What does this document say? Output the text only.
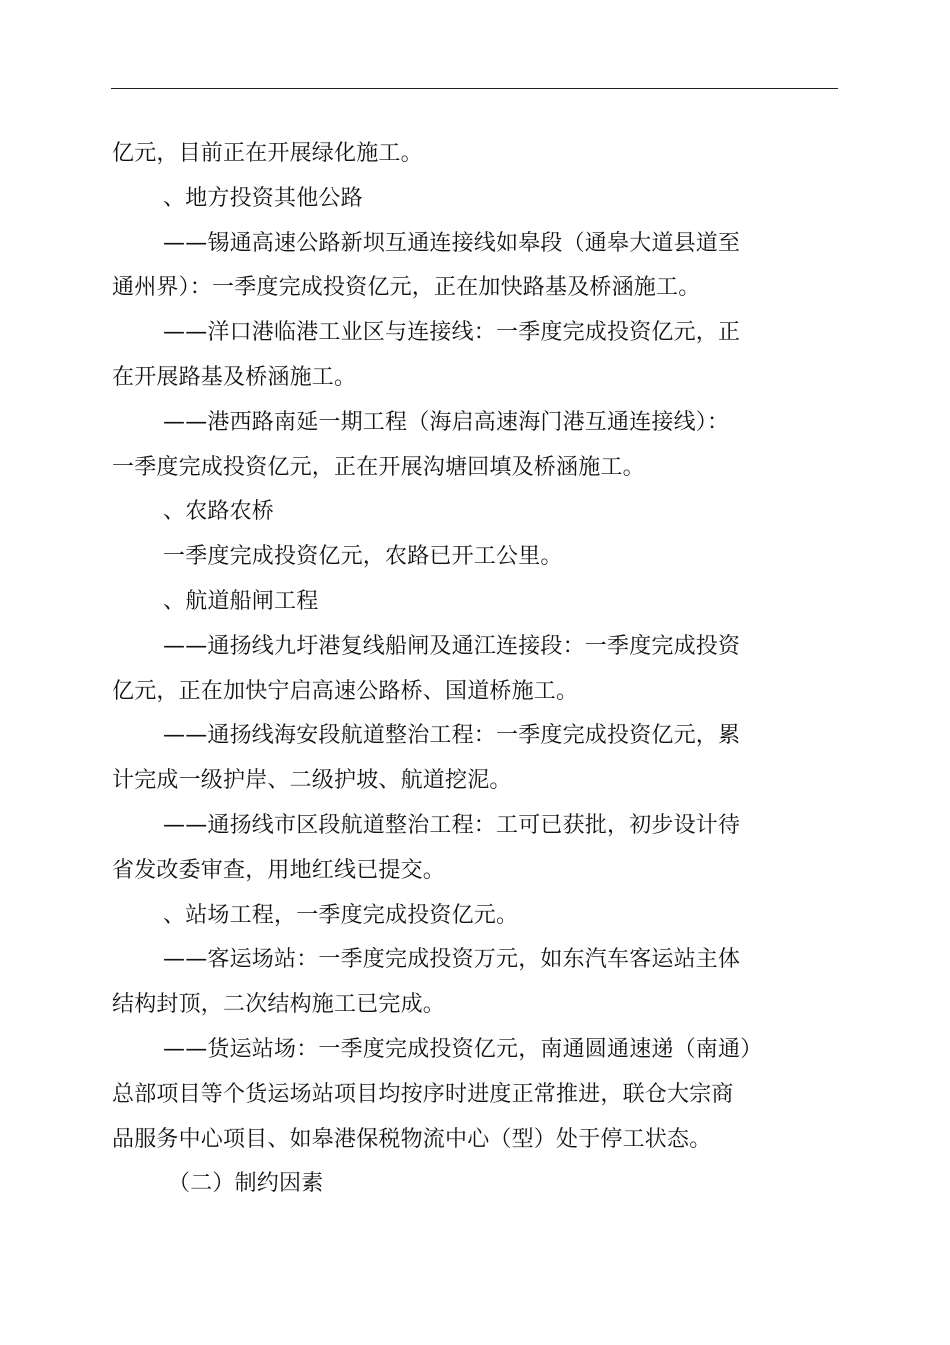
亿元，目前正在开展绿化施工。
、地方投资其他公路
——锡通高速公路新坝互通连接线如皋段（通皋大道县道至
通州界）：一季度完成投资亿元，正在加快路基及桥涵施工。
——洋口港临港工业区与连接线：一季度完成投资亿元，正
在开展路基及桥涵施工。
——港西路南延一期工程（海启高速海门港互通连接线）：
一季度完成投资亿元，正在开展沟塘回填及桥涵施工。
、农路农桥
一季度完成投资亿元，农路已开工公里。
、航道船闸工程
——通扬线九圩港复线船闸及通江连接段：一季度完成投资
亿元，正在加快宁启高速公路桥、国道桥施工。
——通扬线海安段航道整治工程：一季度完成投资亿元，累
计完成一级护岸、二级护坡、航道挖泥。
——通扬线市区段航道整治工程：工可已获批，初步设计待
省发改委审查，用地红线已提交。
、站场工程，一季度完成投资亿元。
——客运场站：一季度完成投资万元，如东汽车客运站主体
结构封顶，二次结构施工已完成。
——货运站场：一季度完成投资亿元，南通圆通速递（南通）
总部项目等个货运场站项目均按序时进度正常推进，联仓大宗商
品服务中心项目、如皋港保税物流中心（型）处于停工状态。
（二）制约因素
